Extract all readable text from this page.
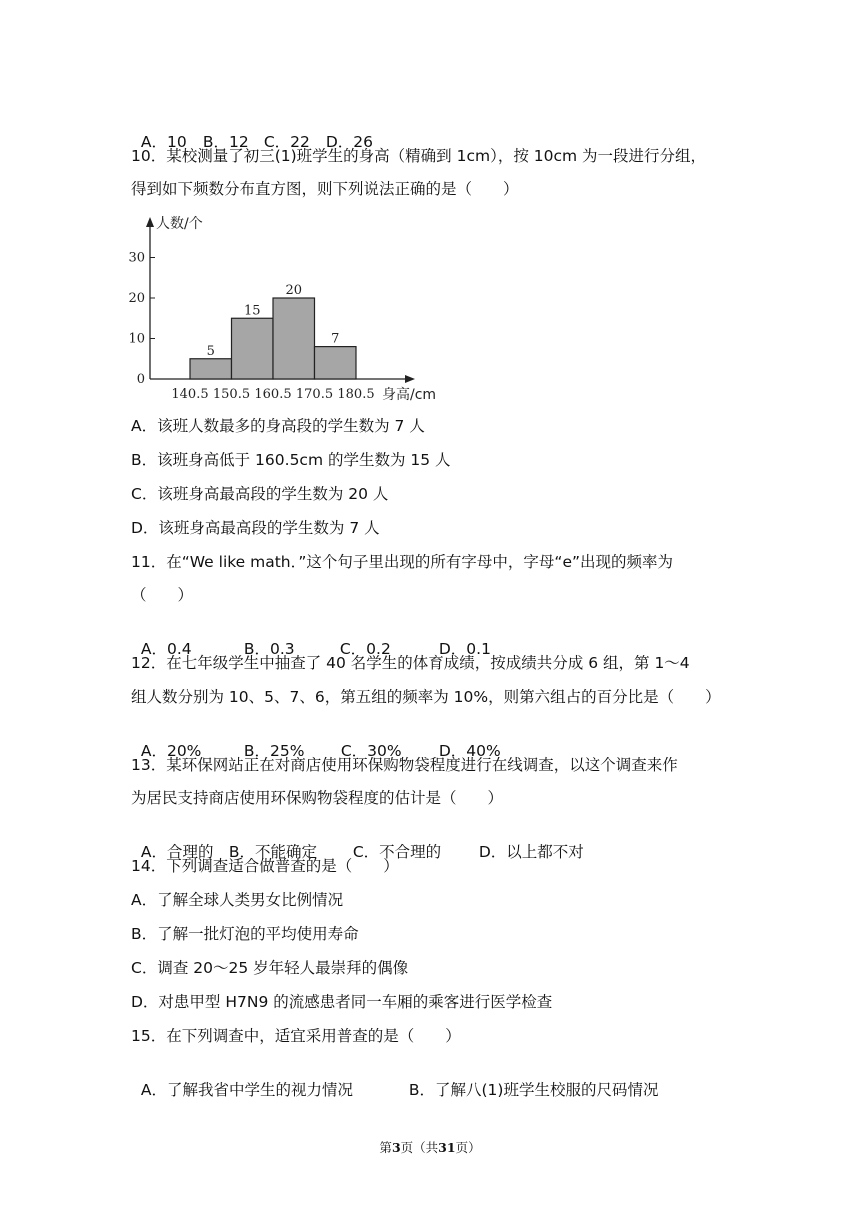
A．10 B．12 C．22 D．26

10．某校测量了初三(1)班学生的身高（精确到 1cm），按 10cm 为一段进行分组，
得到如下频数分布直方图，则下列说法正确的是（　　）
人数/个
身高/cm
0
10
20
30
140.5 150.5 160.5 170.5 180.5
5
15
20
7
A．该班人数最多的身高段的学生数为 7 人
B．该班身高低于 160.5cm 的学生数为 15 人
C．该班身高最高段的学生数为 20 人
D．该班身高最高段的学生数为 7 人
11．在“We like math．”这个句子里出现的所有字母中，字母“e”出现的频率为
（　　）

A．0.4	B．0.3	C．0.2	D．0.1

12．在七年级学生中抽查了 40 名学生的体育成绩，按成绩共分成 6 组，第 1～4
组人数分别为 10、5、7、6，第五组的频率为 10%，则第六组占的百分比是（　　）

A．20%	B．25% C．30% D．40%

13．某环保网站正在对商店使用环保购物袋程度进行在线调查，以这个调查来作
为居民支持商店使用环保购物袋程度的估计是（　　）

A．合理的 B．不能确定 C．不合理的 D．以上都不对

14．下列调查适合做普查的是（　　）
A．了解全球人类男女比例情况
B．了解一批灯泡的平均使用寿命
C．调查 20～25 岁年轻人最崇拜的偶像
D．对患甲型 H7N9 的流感患者同一车厢的乘客进行医学检查
15．在下列调查中，适宜采用普查的是（　　）

A．了解我省中学生的视力情况	B．了解八(1)班学生校服的尺码情况

第3页（共31页）
